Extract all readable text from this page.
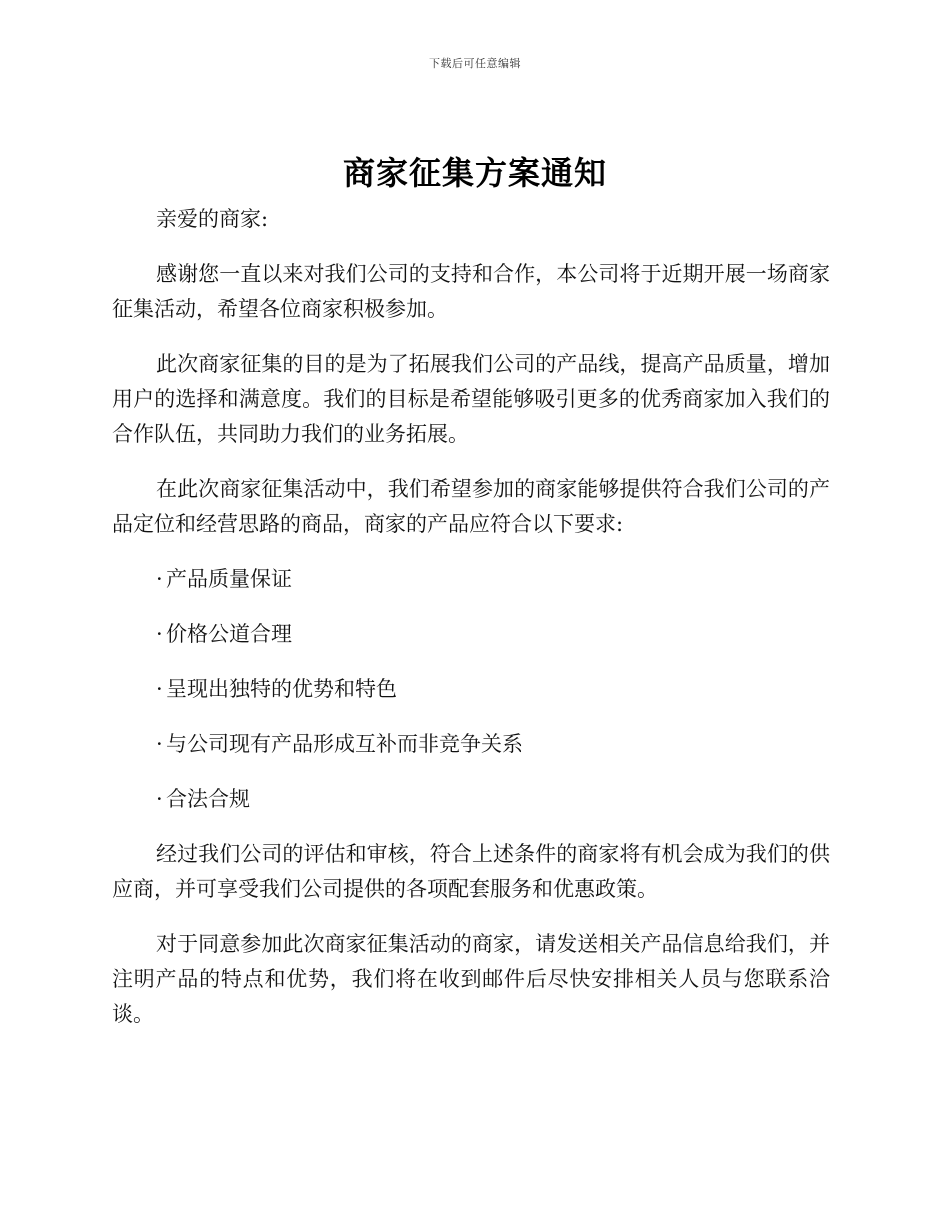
下载后可任意编辑
商家征集方案通知

亲爱的商家:

感谢您一直以来对我们公司的支持和合作，本公司将于近期开展一场商家征集活动，希望各位商家积极参加。

此次商家征集的目的是为了拓展我们公司的产品线，提高产品质量，增加用户的选择和满意度。我们的目标是希望能够吸引更多的优秀商家加入我们的合作队伍，共同助力我们的业务拓展。

在此次商家征集活动中，我们希望参加的商家能够提供符合我们公司的产品定位和经营思路的商品，商家的产品应符合以下要求:

· 产品质量保证
· 价格公道合理
· 呈现出独特的优势和特色
· 与公司现有产品形成互补而非竞争关系
· 合法合规

经过我们公司的评估和审核，符合上述条件的商家将有机会成为我们的供应商，并可享受我们公司提供的各项配套服务和优惠政策。

对于同意参加此次商家征集活动的商家，请发送相关产品信息给我们，并注明产品的特点和优势，我们将在收到邮件后尽快安排相关人员与您联系洽谈。
